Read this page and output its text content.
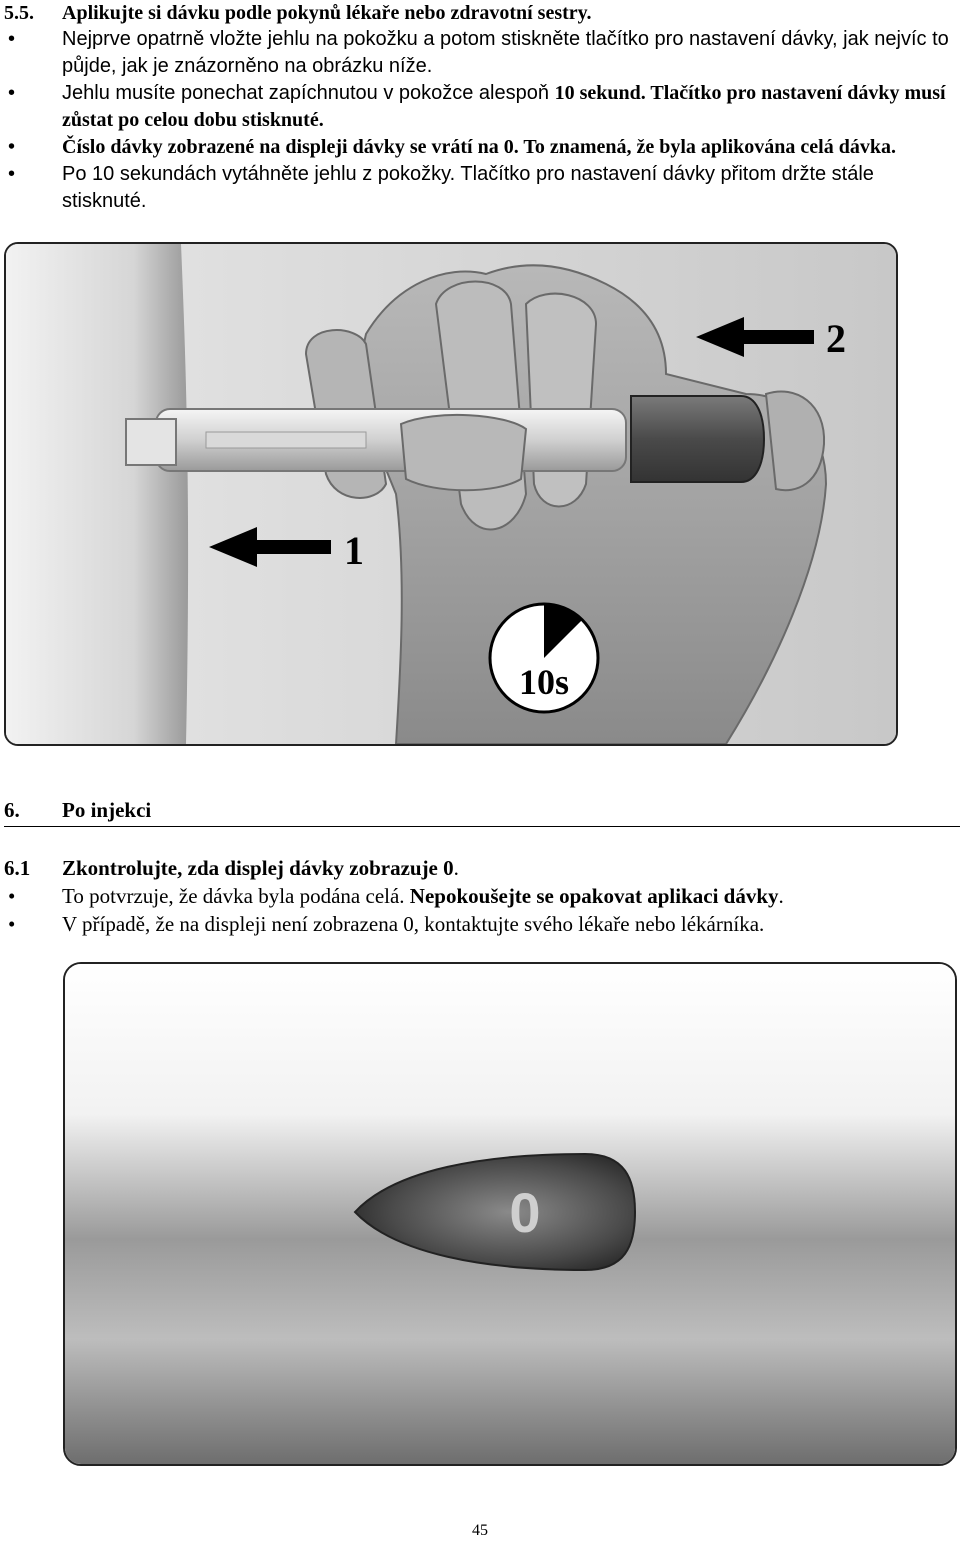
5.5. Aplikujte si dávku podle pokynů lékaře nebo zdravotní sestry.
• Nejprve opatrně vložte jehlu na pokožku a potom stiskněte tlačítko pro nastavení dávky, jak nejvíc to půjde, jak je znázorněno na obrázku níže.
• Jehlu musíte ponechat zapíchnutou v pokožce alespoň 10 sekund. Tlačítko pro nastavení dávky musí zůstat po celou dobu stisknuté.
• Číslo dávky zobrazené na displeji dávky se vrátí na 0. To znamená, že byla aplikována celá dávka.
• Po 10 sekundách vytáhněte jehlu z pokožky. Tlačítko pro nastavení dávky přitom držte stále stisknuté.
2
1
10s
6. Po injekci
6.1 Zkontrolujte, zda displej dávky zobrazuje 0.
• To potvrzuje, že dávka byla podána celá. Nepokoušejte se opakovat aplikaci dávky.
• V případě, že na displeji není zobrazena 0, kontaktujte svého lékaře nebo lékárníka.
0
45
